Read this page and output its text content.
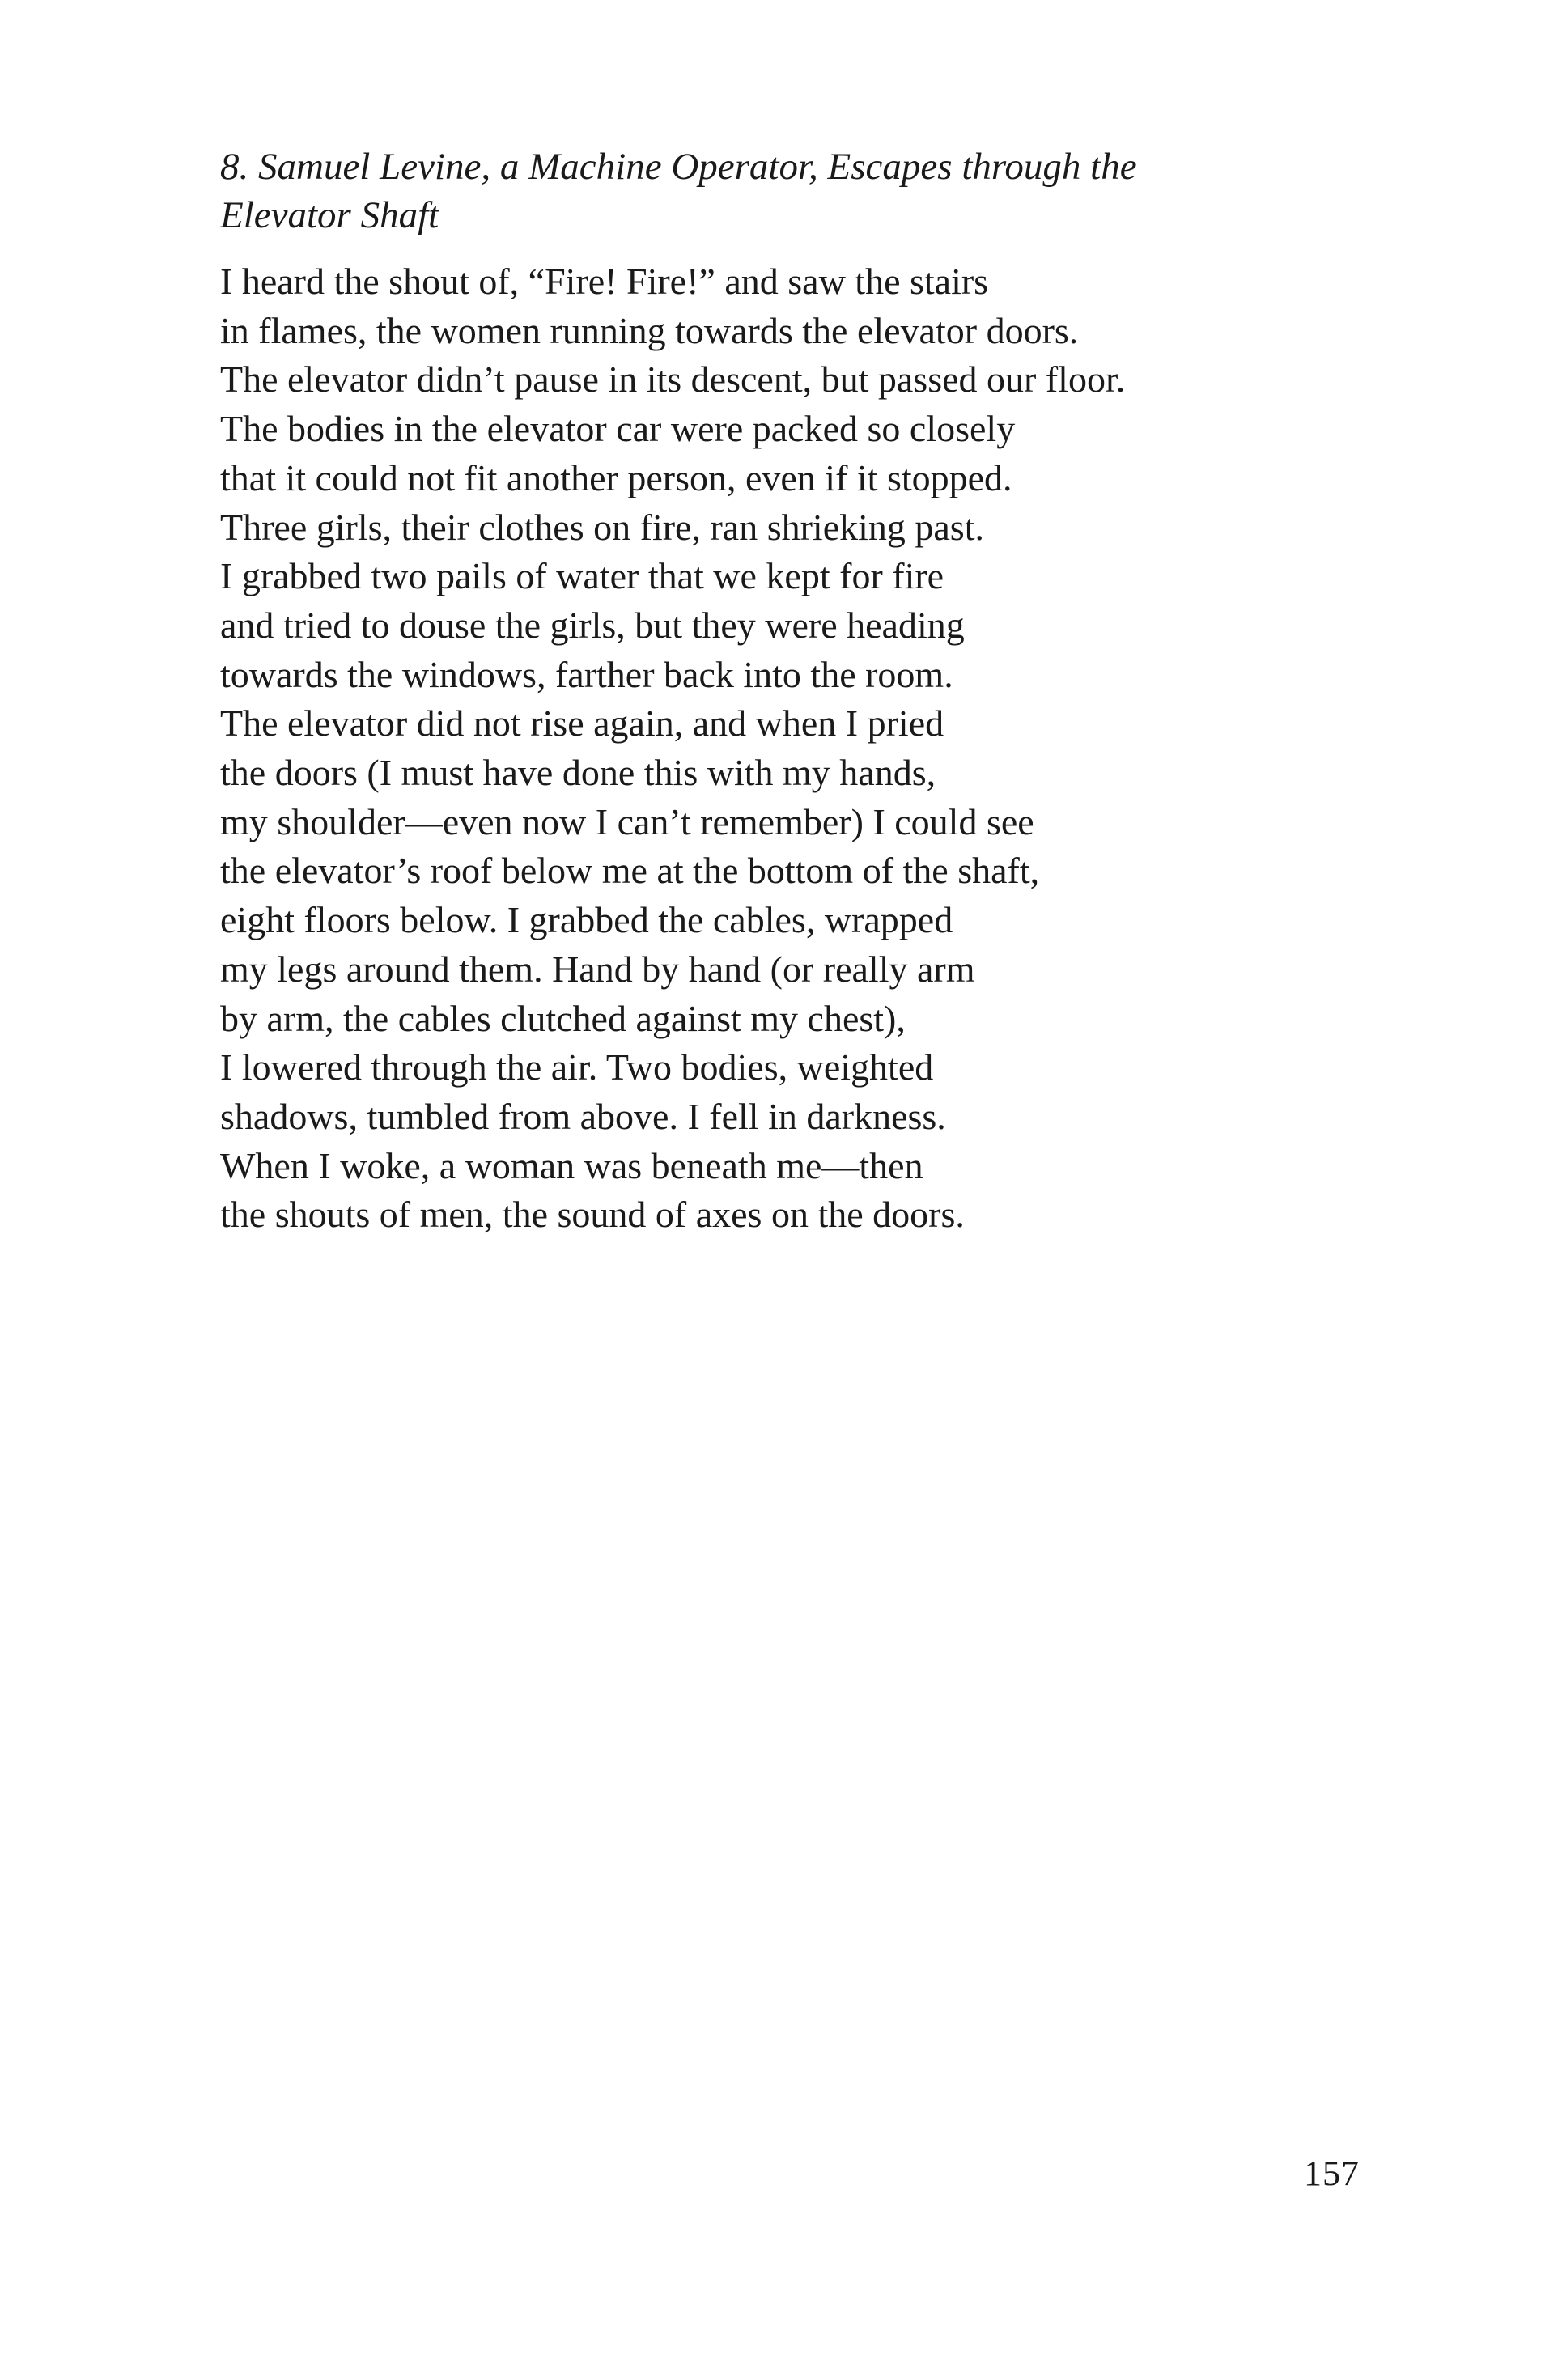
8. Samuel Levine, a Machine Operator, Escapes through the
Elevator Shaft
I heard the shout of, “Fire! Fire!” and saw the stairs
in flames, the women running towards the elevator doors.
The elevator didn’t pause in its descent, but passed our floor.
The bodies in the elevator car were packed so closely
that it could not fit another person, even if it stopped.
Three girls, their clothes on fire, ran shrieking past.
I grabbed two pails of water that we kept for fire
and tried to douse the girls, but they were heading
towards the windows, farther back into the room.
The elevator did not rise again, and when I pried
the doors (I must have done this with my hands,
my shoulder—even now I can’t remember) I could see
the elevator’s roof below me at the bottom of the shaft,
eight floors below. I grabbed the cables, wrapped
my legs around them. Hand by hand (or really arm
by arm, the cables clutched against my chest),
I lowered through the air. Two bodies, weighted
shadows, tumbled from above. I fell in darkness.
When I woke, a woman was beneath me—then
the shouts of men, the sound of axes on the doors.
157
